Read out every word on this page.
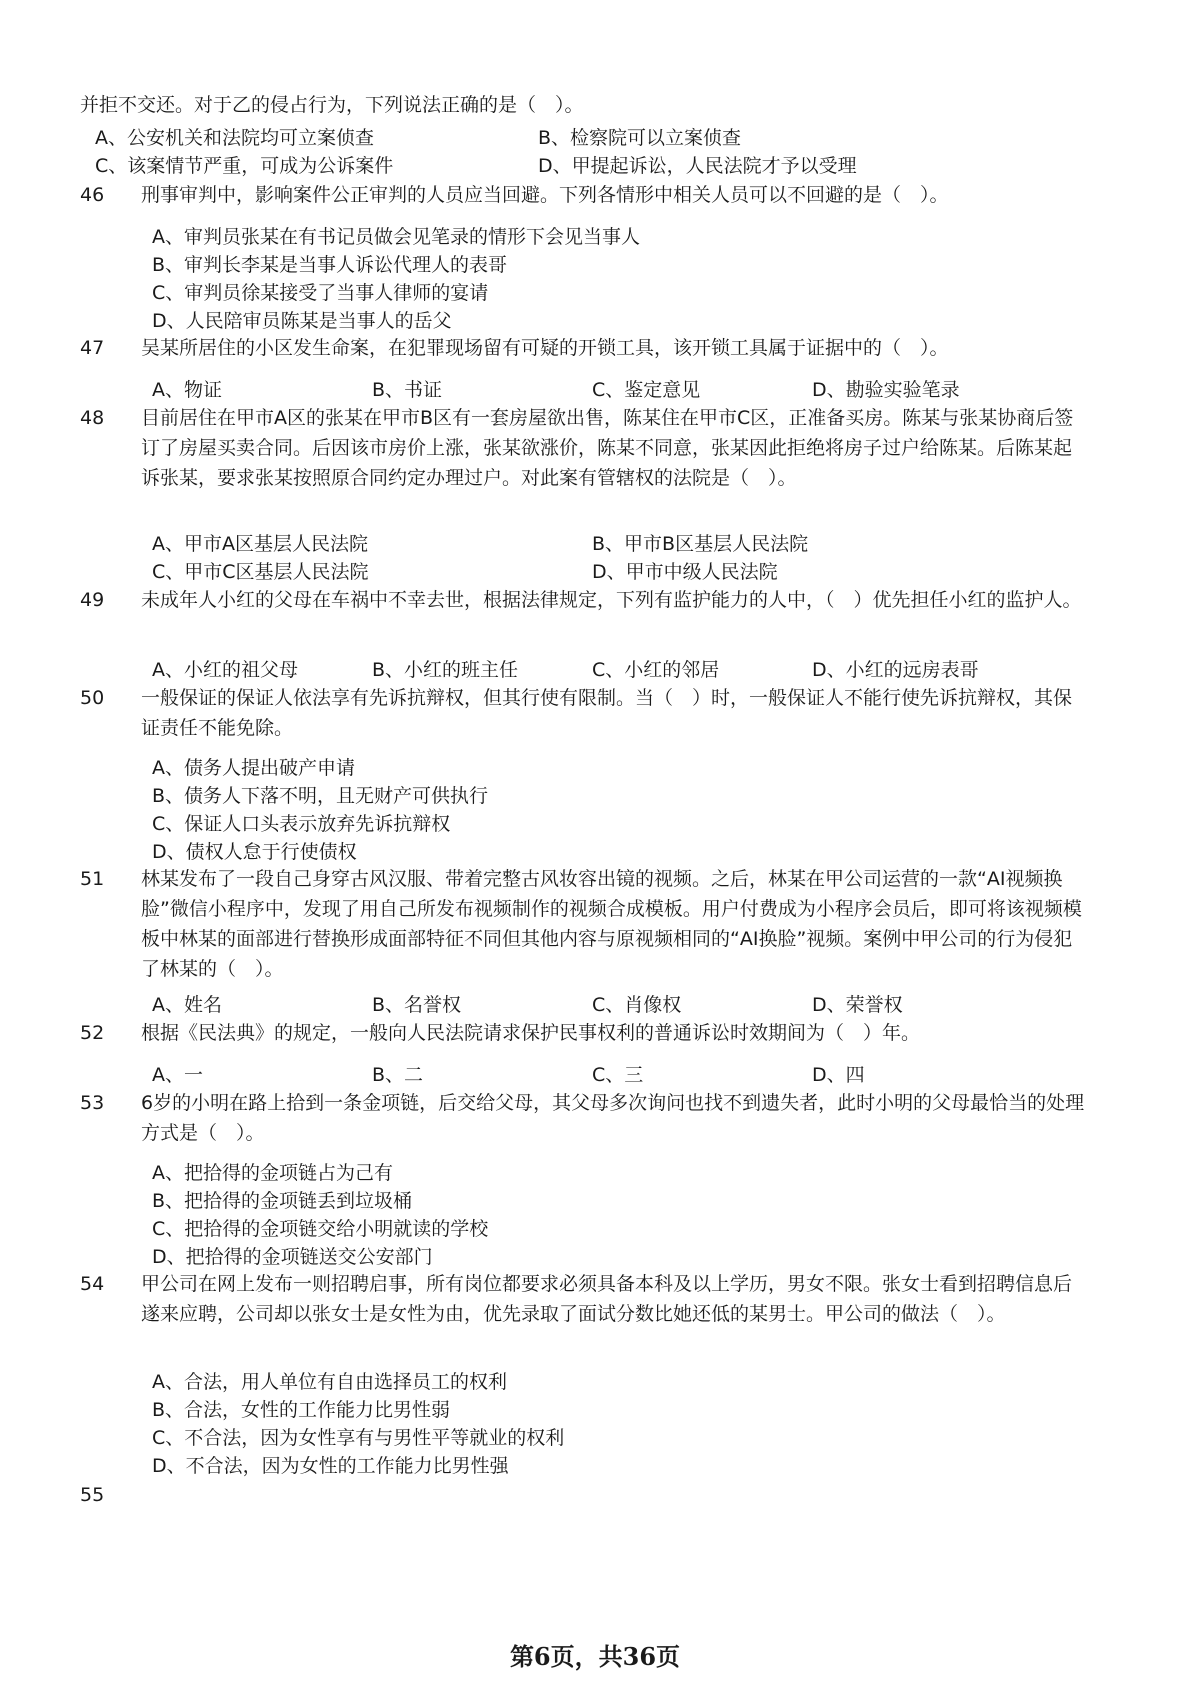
并拒不交还。对于乙的侵占行为，下列说法正确的是（　）。
A、公安机关和法院均可立案侦查	B、检察院可以立案侦查
C、该案情节严重，可成为公诉案件	D、甲提起诉讼，人民法院才予以受理
46 刑事审判中，影响案件公正审判的人员应当回避。下列各情形中相关人员可以不回避的是（　）。
A、审判员张某在有书记员做会见笔录的情形下会见当事人
B、审判长李某是当事人诉讼代理人的表哥
C、审判员徐某接受了当事人律师的宴请
D、人民陪审员陈某是当事人的岳父
47 吴某所居住的小区发生命案，在犯罪现场留有可疑的开锁工具，该开锁工具属于证据中的（　）。
A、物证	B、书证	C、鉴定意见	D、勘验实验笔录
48 目前居住在甲市A区的张某在甲市B区有一套房屋欲出售，陈某住在甲市C区，正准备买房。陈某与张某协商后签订了房屋买卖合同。后因该市房价上涨，张某欲涨价，陈某不同意，张某因此拒绝将房子过户给陈某。后陈某起诉张某，要求张某按照原合同约定办理过户。对此案有管辖权的法院是（　）。
A、甲市A区基层人民法院	B、甲市B区基层人民法院
C、甲市C区基层人民法院	D、甲市中级人民法院
49 未成年人小红的父母在车祸中不幸去世，根据法律规定，下列有监护能力的人中，（　）优先担任小红的监护人。
A、小红的祖父母	B、小红的班主任	C、小红的邻居	D、小红的远房表哥
50 一般保证的保证人依法享有先诉抗辩权，但其行使有限制。当（　）时，一般保证人不能行使先诉抗辩权，其保证责任不能免除。
A、债务人提出破产申请
B、债务人下落不明，且无财产可供执行
C、保证人口头表示放弃先诉抗辩权
D、债权人怠于行使债权
51 林某发布了一段自己身穿古风汉服、带着完整古风妆容出镜的视频。之后，林某在甲公司运营的一款“AI视频换脸”微信小程序中，发现了用自己所发布视频制作的视频合成模板。用户付费成为小程序会员后，即可将该视频模板中林某的面部进行替换形成面部特征不同但其他内容与原视频相同的“AI换脸”视频。案例中甲公司的行为侵犯了林某的（　）。
A、姓名	B、名誉权	C、肖像权	D、荣誉权
52 根据《民法典》的规定，一般向人民法院请求保护民事权利的普通诉讼时效期间为（　）年。
A、一	B、二	C、三	D、四
53 6岁的小明在路上拾到一条金项链，后交给父母，其父母多次询问也找不到遗失者，此时小明的父母最恰当的处理方式是（　）。
A、把拾得的金项链占为己有
B、把拾得的金项链丢到垃圾桶
C、把拾得的金项链交给小明就读的学校
D、把拾得的金项链送交公安部门
54 甲公司在网上发布一则招聘启事，所有岗位都要求必须具备本科及以上学历，男女不限。张女士看到招聘信息后遂来应聘，公司却以张女士是女性为由，优先录取了面试分数比她还低的某男士。甲公司的做法（　）。
A、合法，用人单位有自由选择员工的权利
B、合法，女性的工作能力比男性弱
C、不合法，因为女性享有与男性平等就业的权利
D、不合法，因为女性的工作能力比男性强
55
第6页，共36页
